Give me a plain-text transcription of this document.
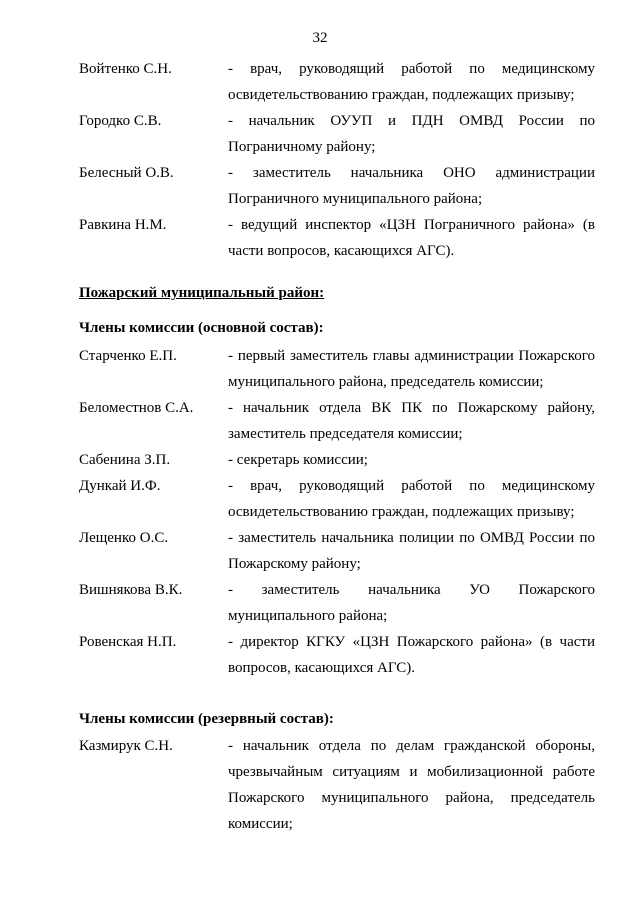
32
Войтенко С.Н.	- врач, руководящий работой по медицинскому освидетельствованию граждан, подлежащих призыву;
Городко С.В.	- начальник ОУУП и ПДН ОМВД России по Пограничному району;
Белесный О.В.	- заместитель начальника ОНО администрации Пограничного муниципального района;
Равкина Н.М.	- ведущий инспектор «ЦЗН Пограничного района» (в части вопросов, касающихся АГС).
Пожарский муниципальный район:
Члены комиссии (основной состав):
Старченко Е.П.	- первый заместитель главы администрации Пожарского муниципального района, председатель комиссии;
Беломестнов С.А. - начальник отдела ВК ПК по Пожарскому району, заместитель председателя комиссии;
Сабенина З.П.	- секретарь комиссии;
Дункай И.Ф.	- врач, руководящий работой по медицинскому освидетельствованию граждан, подлежащих призыву;
Лещенко О.С.	- заместитель начальника полиции по ОМВД России по Пожарскому району;
Вишнякова В.К.	- заместитель начальника УО Пожарского муниципального района;
Ровенская Н.П.	- директор КГКУ «ЦЗН Пожарского района» (в части вопросов, касающихся АГС).
Члены комиссии (резервный состав):
Казмирук С.Н.	- начальник отдела по делам гражданской обороны, чрезвычайным ситуациям и мобилизационной работе Пожарского муниципального района, председатель комиссии;
